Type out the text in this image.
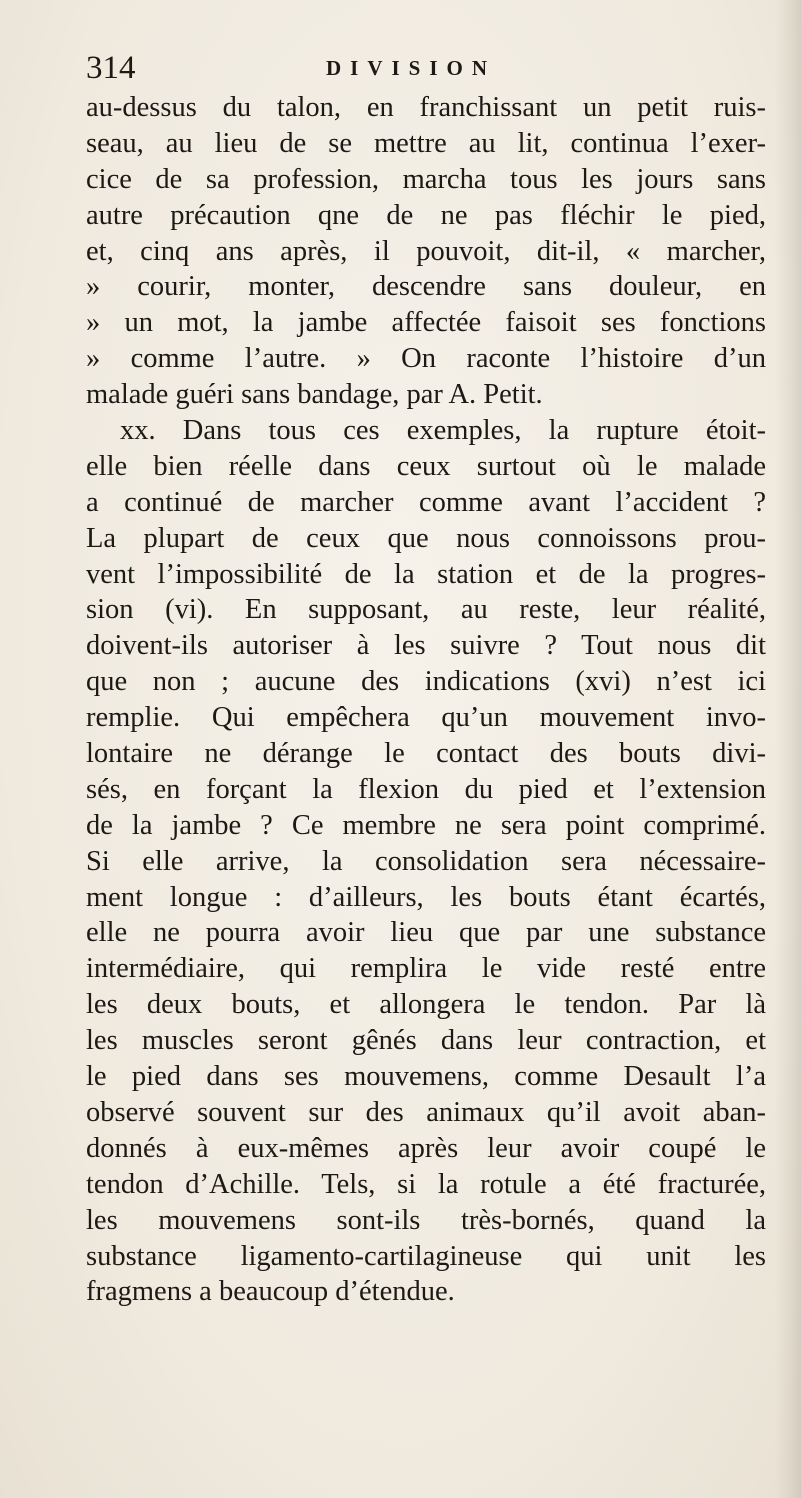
314	DIVISION
au-dessus du talon, en franchissant un petit ruis-
seau, au lieu de se mettre au lit, continua l’exer-
cice de sa profession, marcha tous les jours sans
autre précaution qne de ne pas fléchir le pied,
et, cinq ans après, il pouvoit, dit-il, « marcher,
» courir, monter, descendre sans douleur, en
» un mot, la jambe affectée faisoit ses fonctions
» comme l’autre. » On raconte l’histoire d’un
malade guéri sans bandage, par A. Petit.
xx. Dans tous ces exemples, la rupture étoit-
elle bien réelle dans ceux surtout où le malade
a continué de marcher comme avant l’accident ?
La plupart de ceux que nous connoissons prou-
vent l’impossibilité de la station et de la progres-
sion (vi). En supposant, au reste, leur réalité,
doivent-ils autoriser à les suivre ? Tout nous dit
que non ; aucune des indications (xvi) n’est ici
remplie. Qui empêchera qu’un mouvement invo-
lontaire ne dérange le contact des bouts divi-
sés, en forçant la flexion du pied et l’extension
de la jambe ? Ce membre ne sera point comprimé.
Si elle arrive, la consolidation sera nécessaire-
ment longue : d’ailleurs, les bouts étant écartés,
elle ne pourra avoir lieu que par une substance
intermédiaire, qui remplira le vide resté entre
les deux bouts, et allongera le tendon. Par là
les muscles seront gênés dans leur contraction, et
le pied dans ses mouvemens, comme Desault l’a
observé souvent sur des animaux qu’il avoit aban-
donnés à eux-mêmes après leur avoir coupé le
tendon d’Achille. Tels, si la rotule a été fracturée,
les mouvemens sont-ils très-bornés, quand la
substance ligamento-cartilagineuse qui unit les
fragmens a beaucoup d’étendue.
